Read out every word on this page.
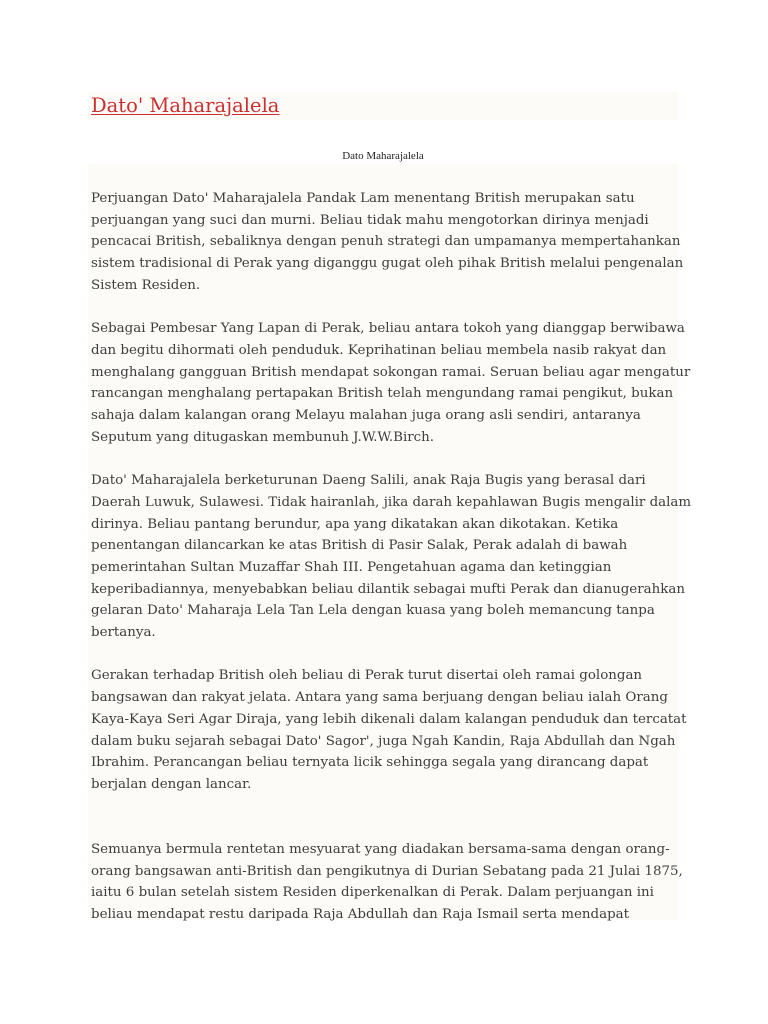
Dato' Maharajalela
Dato Maharajalela

Perjuangan Dato' Maharajalela Pandak Lam menentang British merupakan satu
perjuangan yang suci dan murni. Beliau tidak mahu mengotorkan dirinya menjadi
pencacai British, sebaliknya dengan penuh strategi dan umpamanya mempertahankan
sistem tradisional di Perak yang diganggu gugat oleh pihak British melalui pengenalan
Sistem Residen.

Sebagai Pembesar Yang Lapan di Perak, beliau antara tokoh yang dianggap berwibawa
dan begitu dihormati oleh penduduk. Keprihatinan beliau membela nasib rakyat dan
menghalang gangguan British mendapat sokongan ramai. Seruan beliau agar mengatur
rancangan menghalang pertapakan British telah mengundang ramai pengikut, bukan
sahaja dalam kalangan orang Melayu malahan juga orang asli sendiri, antaranya
Seputum yang ditugaskan membunuh J.W.W.Birch.

Dato' Maharajalela berketurunan Daeng Salili, anak Raja Bugis yang berasal dari
Daerah Luwuk, Sulawesi. Tidak hairanlah, jika darah kepahlawan Bugis mengalir dalam
dirinya. Beliau pantang berundur, apa yang dikatakan akan dikotakan. Ketika
penentangan dilancarkan ke atas British di Pasir Salak, Perak adalah di bawah
pemerintahan Sultan Muzaffar Shah III. Pengetahuan agama dan ketinggian
keperibadiannya, menyebabkan beliau dilantik sebagai mufti Perak dan dianugerahkan
gelaran Dato' Maharaja Lela Tan Lela dengan kuasa yang boleh memancung tanpa
bertanya.

Gerakan terhadap British oleh beliau di Perak turut disertai oleh ramai golongan
bangsawan dan rakyat jelata. Antara yang sama berjuang dengan beliau ialah Orang
Kaya-Kaya Seri Agar Diraja, yang lebih dikenali dalam kalangan penduduk dan tercatat
dalam buku sejarah sebagai Dato' Sagor', juga Ngah Kandin, Raja Abdullah dan Ngah
Ibrahim. Perancangan beliau ternyata licik sehingga segala yang dirancang dapat
berjalan dengan lancar.

Semuanya bermula rentetan mesyuarat yang diadakan bersama-sama dengan orang-
orang bangsawan anti-British dan pengikutnya di Durian Sebatang pada 21 Julai 1875,
iaitu 6 bulan setelah sistem Residen diperkenalkan di Perak. Dalam perjuangan ini
beliau mendapat restu daripada Raja Abdullah dan Raja Ismail serta mendapat
